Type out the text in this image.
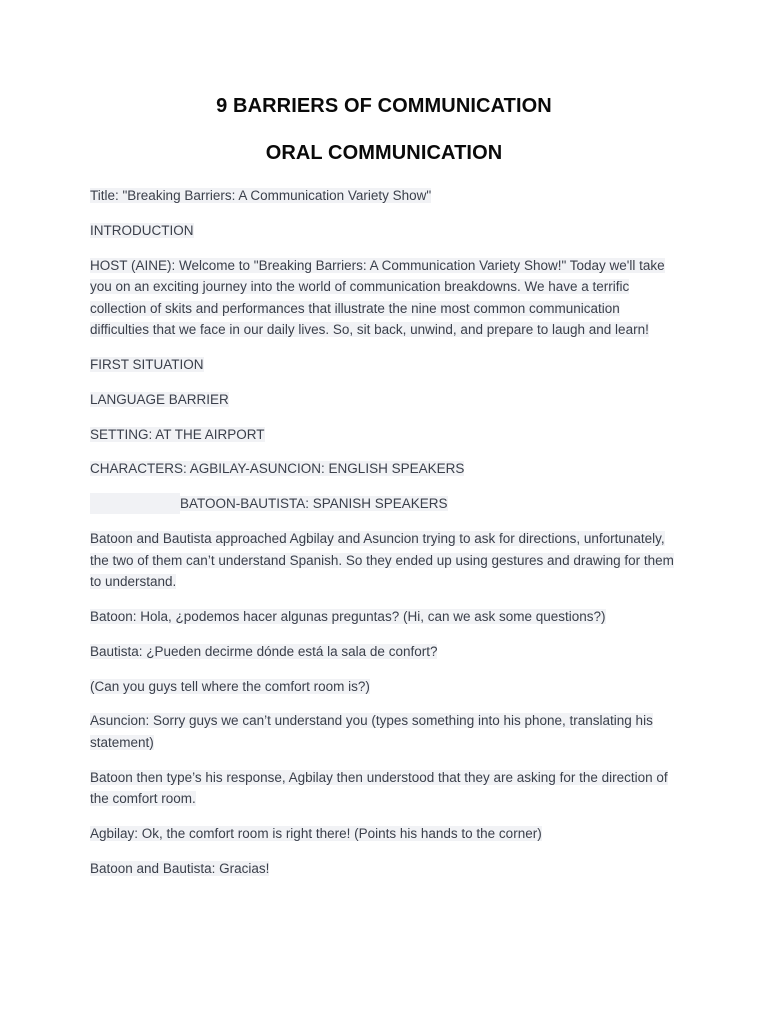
9 BARRIERS OF COMMUNICATION
ORAL COMMUNICATION

Title: "Breaking Barriers: A Communication Variety Show"

INTRODUCTION

HOST (AINE): Welcome to "Breaking Barriers: A Communication Variety Show!" Today we'll take you on an exciting journey into the world of communication breakdowns. We have a terrific collection of skits and performances that illustrate the nine most common communication difficulties that we face in our daily lives. So, sit back, unwind, and prepare to laugh and learn!

FIRST SITUATION

LANGUAGE BARRIER

SETTING: AT THE AIRPORT

CHARACTERS: AGBILAY-ASUNCION: ENGLISH SPEAKERS

BATOON-BAUTISTA: SPANISH SPEAKERS

Batoon and Bautista approached Agbilay and Asuncion trying to ask for directions, unfortunately, the two of them can’t understand Spanish. So they ended up using gestures and drawing for them to understand.

Batoon: Hola, ¿podemos hacer algunas preguntas? (Hi, can we ask some questions?)

Bautista: ¿Pueden decirme dónde está la sala de confort?

(Can you guys tell where the comfort room is?)

Asuncion: Sorry guys we can’t understand you (types something into his phone, translating his statement)

Batoon then type’s his response, Agbilay then understood that they are asking for the direction of the comfort room.

Agbilay: Ok, the comfort room is right there! (Points his hands to the corner)

Batoon and Bautista: Gracias!
